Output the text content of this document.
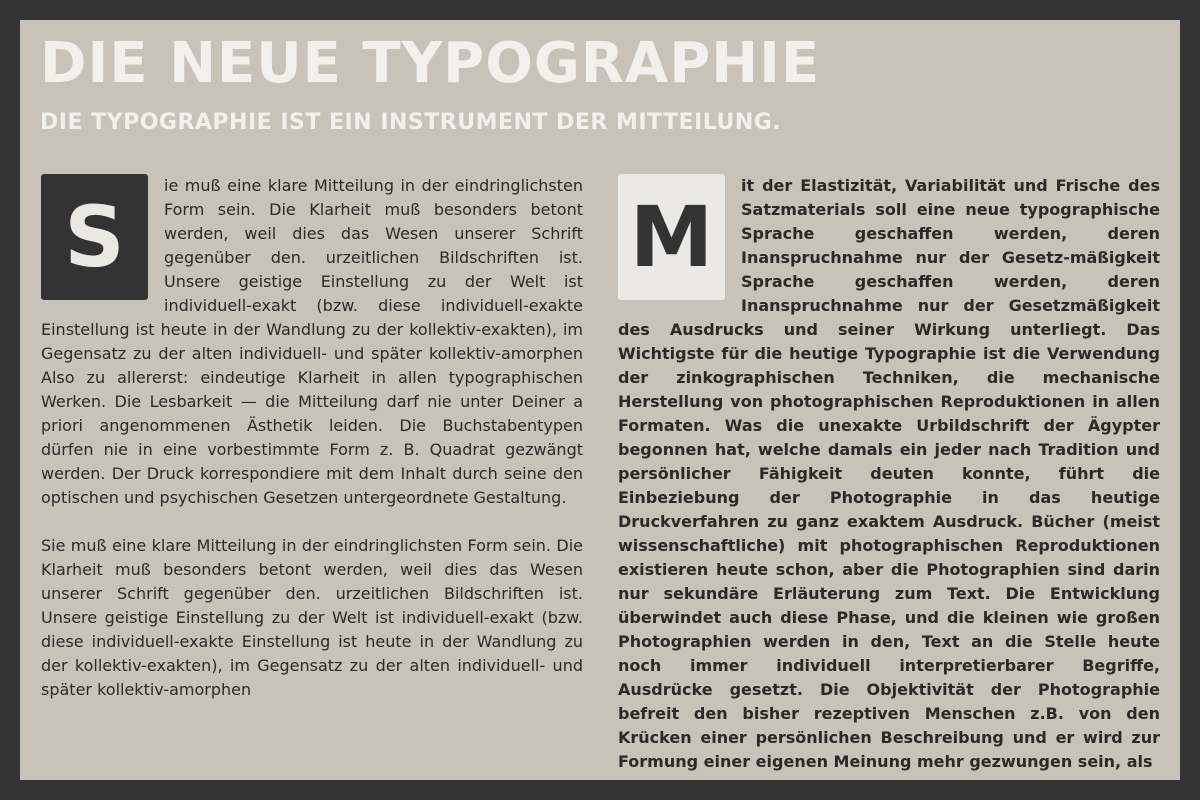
DIE NEUE TYPOGRAPHIE
DIE TYPOGRAPHIE IST EIN INSTRUMENT DER MITTEILUNG.

S
ie muß eine klare Mitteilung in der eindringlichsten Form sein. Die Klarheit muß besonders betont werden, weil dies das Wesen unserer Schrift gegenüber den. urzeitlichen Bildschriften ist. Unsere geistige Einstellung zu der Welt ist individuell-exakt (bzw. diese individuell-exakte Einstellung ist heute in der Wandlung zu der kollektiv-exakten), im Gegensatz zu der alten individuell- und später kollektiv-amorphen Also zu allererst: eindeutige Klarheit in allen typographischen Werken. Die Lesbarkeit — die Mitteilung darf nie unter Deiner a priori angenommenen Ästhetik leiden. Die Buchstabentypen dürfen nie in eine vorbestimmte Form z. B. Quadrat gezwängt werden. Der Druck korrespondiere mit dem Inhalt durch seine den optischen und psychischen Gesetzen untergeordnete Gestaltung.

Sie muß eine klare Mitteilung in der eindringlichsten Form sein. Die Klarheit muß besonders betont werden, weil dies das Wesen unserer Schrift gegenüber den. urzeitlichen Bildschriften ist. Unsere geistige Einstellung zu der Welt ist individuell-exakt (bzw. diese individuell-exakte Einstellung ist heute in der Wandlung zu der kollektiv-exakten), im Gegensatz zu der alten individuell- und später kollektiv-amorphen

M
it der Elastizität, Variabilität und Frische des Satzmaterials soll eine neue typographische Sprache geschaffen werden, deren Inanspruchnahme nur der Gesetz-mäßigkeit Sprache geschaffen werden, deren Inanspruchnahme nur der Gesetzmäßigkeit des Ausdrucks und seiner Wirkung unterliegt. Das Wichtigste für die heutige Typographie ist die Verwendung der zinkographischen Techniken, die mechanische Herstellung von photographischen Reproduktionen in allen Formaten. Was die unexakte Urbildschrift der Ägypter begonnen hat, welche damals ein jeder nach Tradition und persönlicher Fähigkeit deuten konnte, führt die Einbeziebung der Photographie in das heutige Druckverfahren zu ganz exaktem Ausdruck. Bücher (meist wissenschaftliche) mit photographischen Reproduktionen existieren heute schon, aber die Photographien sind darin nur sekundäre Erläuterung zum Text. Die Entwicklung überwindet auch diese Phase, und die kleinen wie großen Photographien werden in den, Text an die Stelle heute noch immer individuell interpretierbarer Begriffe, Ausdrücke gesetzt. Die Objektivität der Photographie befreit den bisher rezeptiven Menschen z.B. von den Krücken einer persönlichen Beschreibung und er wird zur Formung einer eigenen Meinung mehr gezwungen sein, als
